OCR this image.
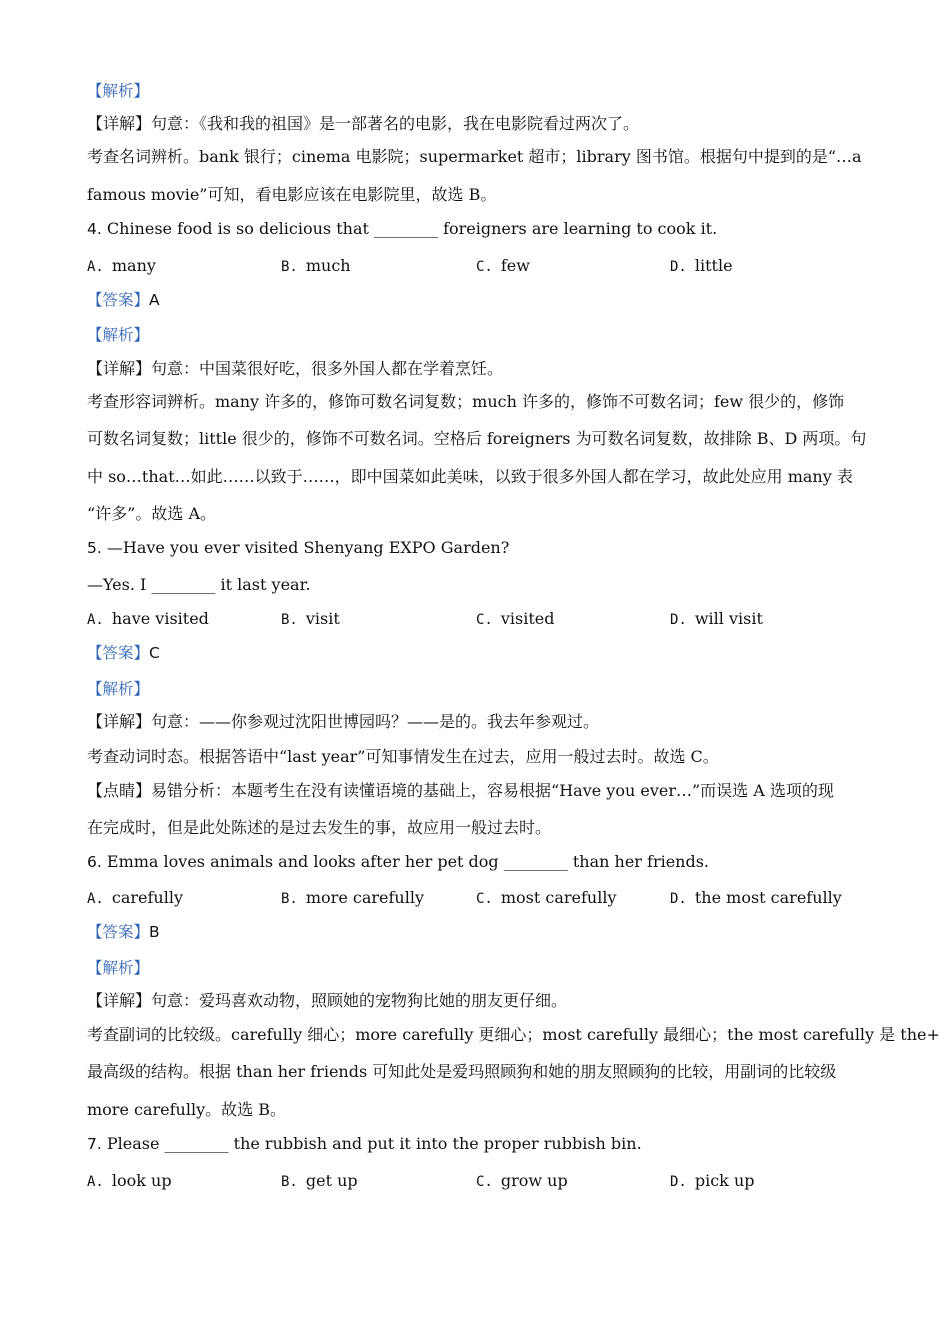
【解析】
【详解】句意：《我和我的祖国》是一部著名的电影，我在电影院看过两次了。
考查名词辨析。bank 银行；cinema 电影院；supermarket 超市；library 图书馆。根据句中提到的是“…a
famous movie”可知，看电影应该在电影院里，故选 B。
4. Chinese food is so delicious that ________ foreigners are learning to cook it.
A. many	B. much	C. few	D. little
【答案】A
【解析】
【详解】句意：中国菜很好吃，很多外国人都在学着烹饪。
考查形容词辨析。many 许多的，修饰可数名词复数；much 许多的，修饰不可数名词；few 很少的，修饰
可数名词复数；little 很少的，修饰不可数名词。空格后 foreigners 为可数名词复数，故排除 B、D 两项。句
中 so…that…如此……以致于……，即中国菜如此美味，以致于很多外国人都在学习，故此处应用 many 表
“许多”。故选 A。
5. —Have you ever visited Shenyang EXPO Garden?
—Yes. I ________ it last year.
A. have visited	B. visit	C. visited	D. will visit
【答案】C
【解析】
【详解】句意：——你参观过沈阳世博园吗？——是的。我去年参观过。
考查动词时态。根据答语中“last year”可知事情发生在过去，应用一般过去时。故选 C。
【点睛】易错分析：本题考生在没有读懂语境的基础上，容易根据“Have you ever…”而误选 A 选项的现
在完成时，但是此处陈述的是过去发生的事，故应用一般过去时。
6. Emma loves animals and looks after her pet dog ________ than her friends.
A. carefully	B. more carefully	C. most carefully	D. the most carefully
【答案】B
【解析】
【详解】句意：爱玛喜欢动物，照顾她的宠物狗比她的朋友更仔细。
考查副词的比较级。carefully 细心；more carefully 更细心；most carefully 最细心；the most carefully 是 the+
最高级的结构。根据 than her friends 可知此处是爱玛照顾狗和她的朋友照顾狗的比较，用副词的比较级
more carefully。故选 B。
7. Please ________ the rubbish and put it into the proper rubbish bin.
A. look up	B. get up	C. grow up	D. pick up
